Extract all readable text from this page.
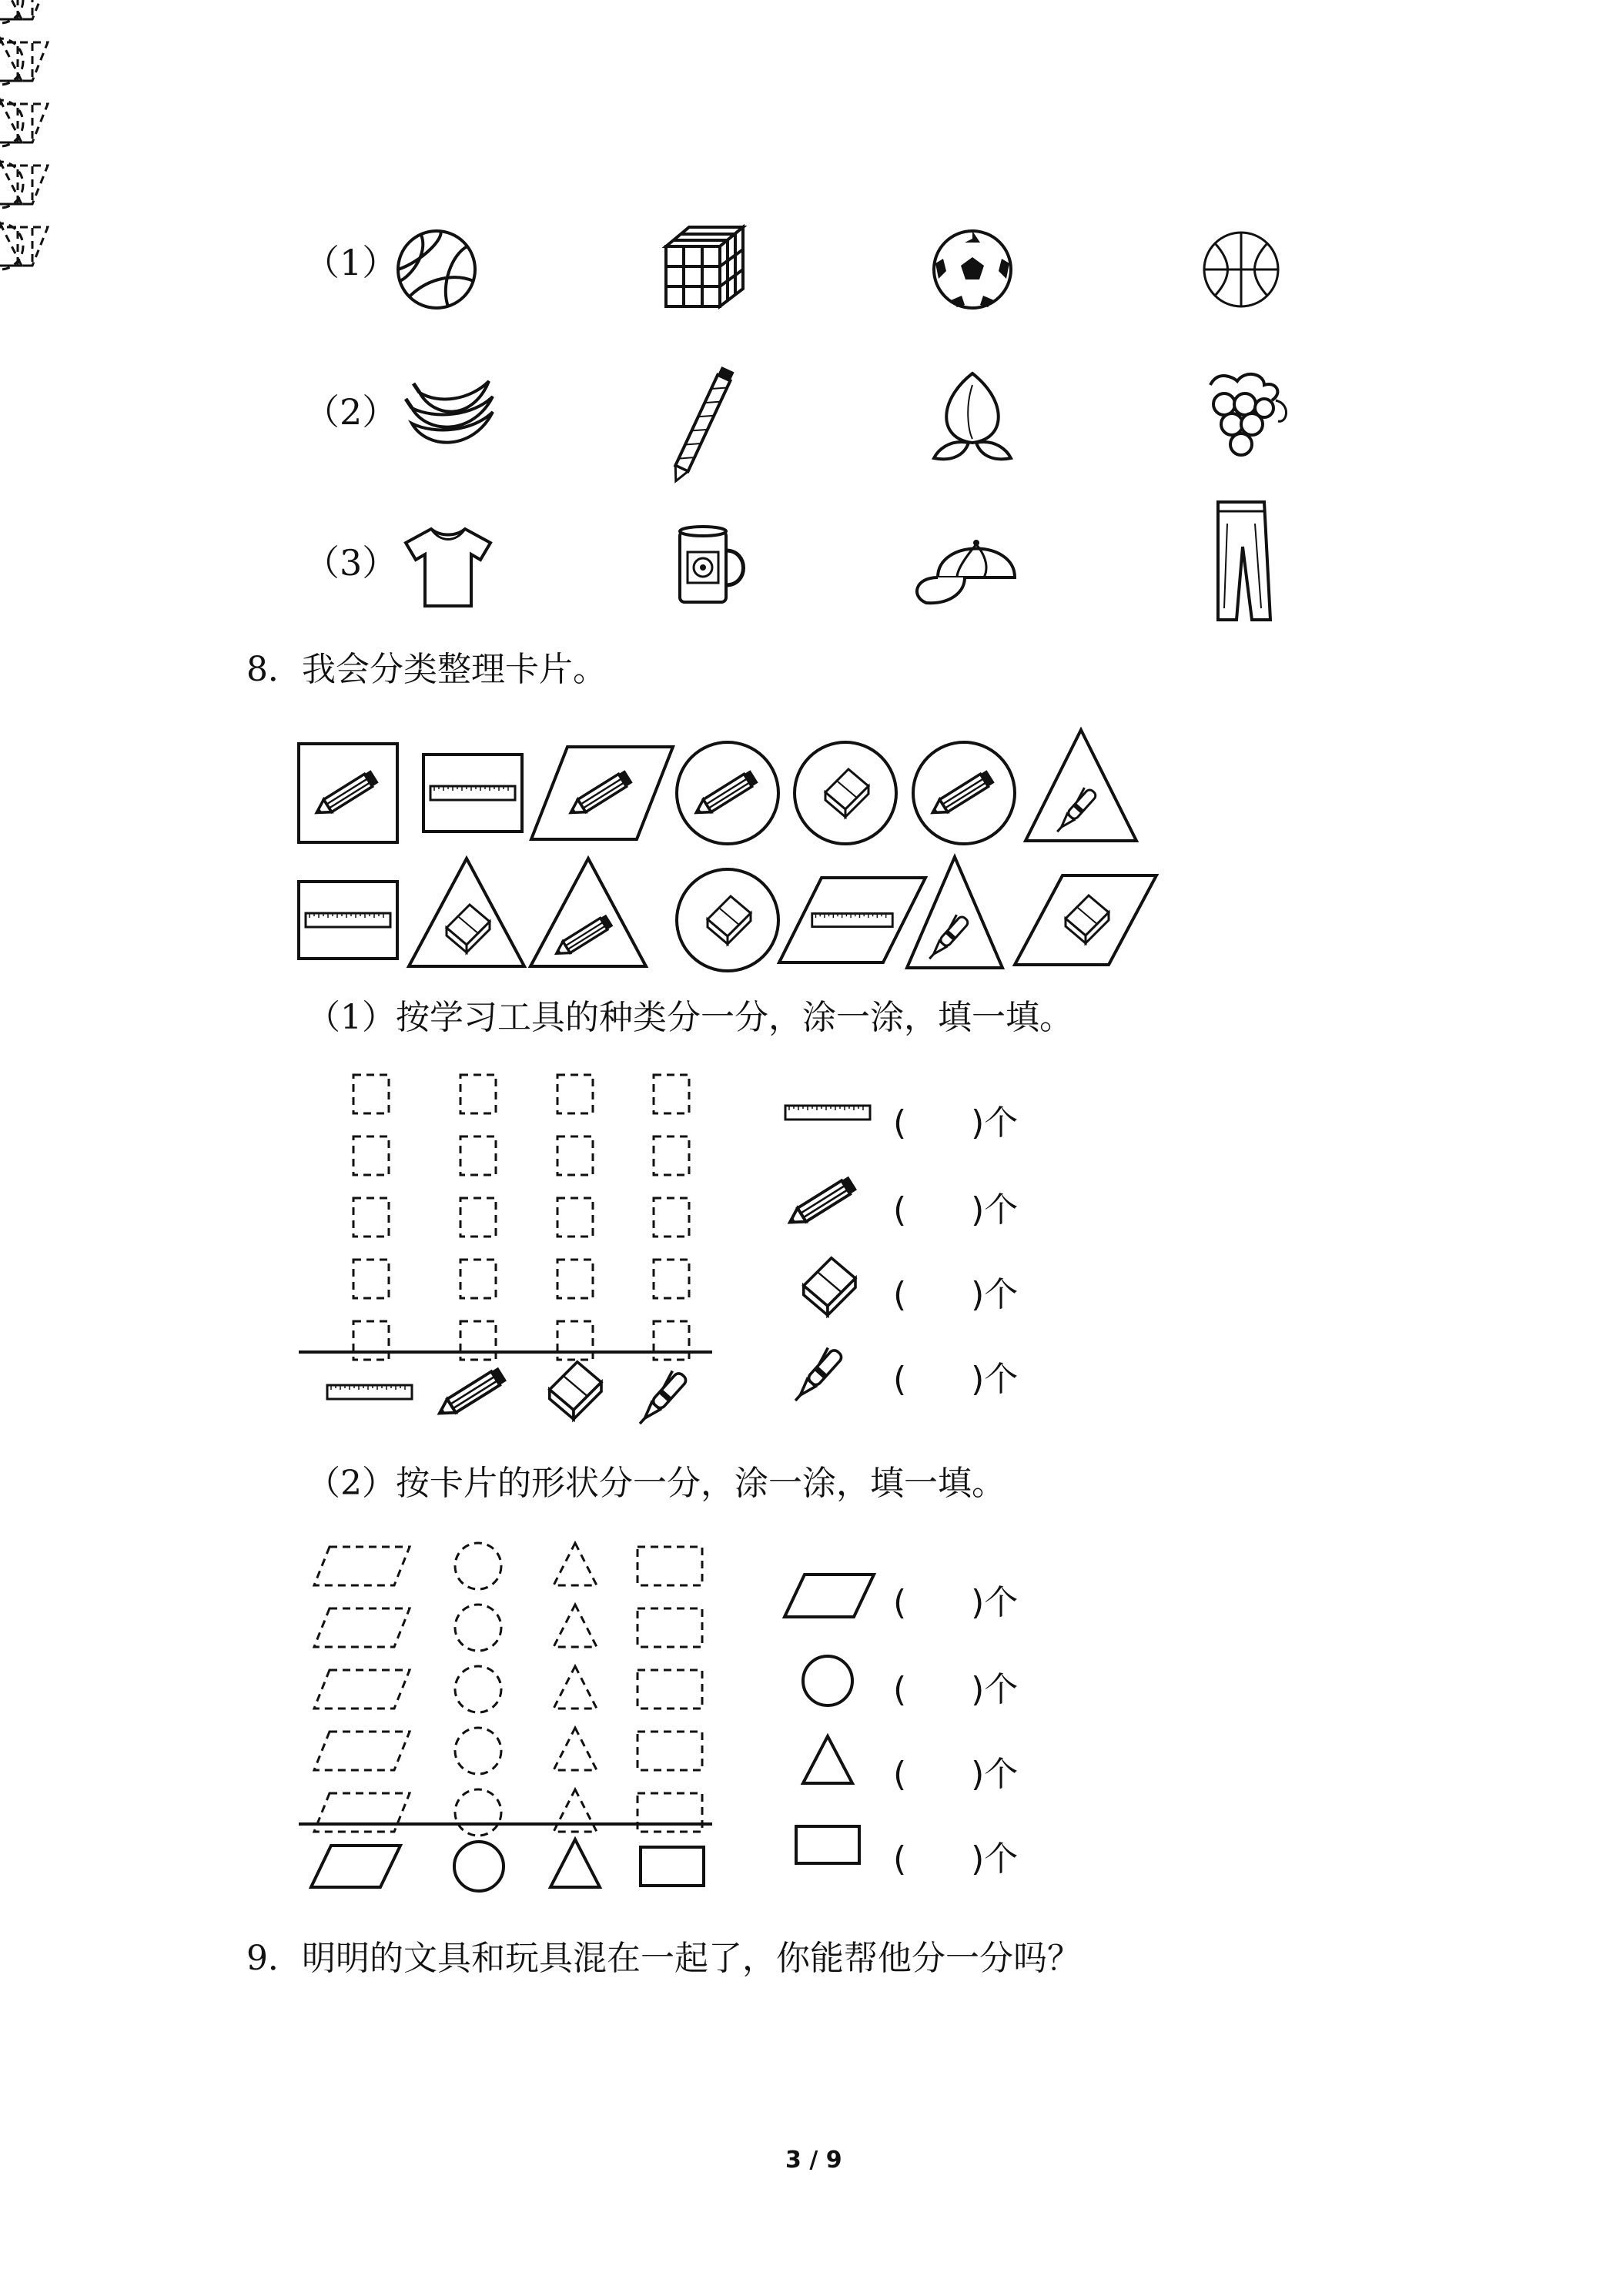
（1）
（2）
（3）
8．我会分类整理卡片。
（1）按学习工具的种类分一分，涂一涂，填一填。
(      )个
(      )个
(      )个
(      )个
（2）按卡片的形状分一分，涂一涂，填一填。
(      )个
(      )个
(      )个
(      )个
9．明明的文具和玩具混在一起了，你能帮他分一分吗？
3 / 9
